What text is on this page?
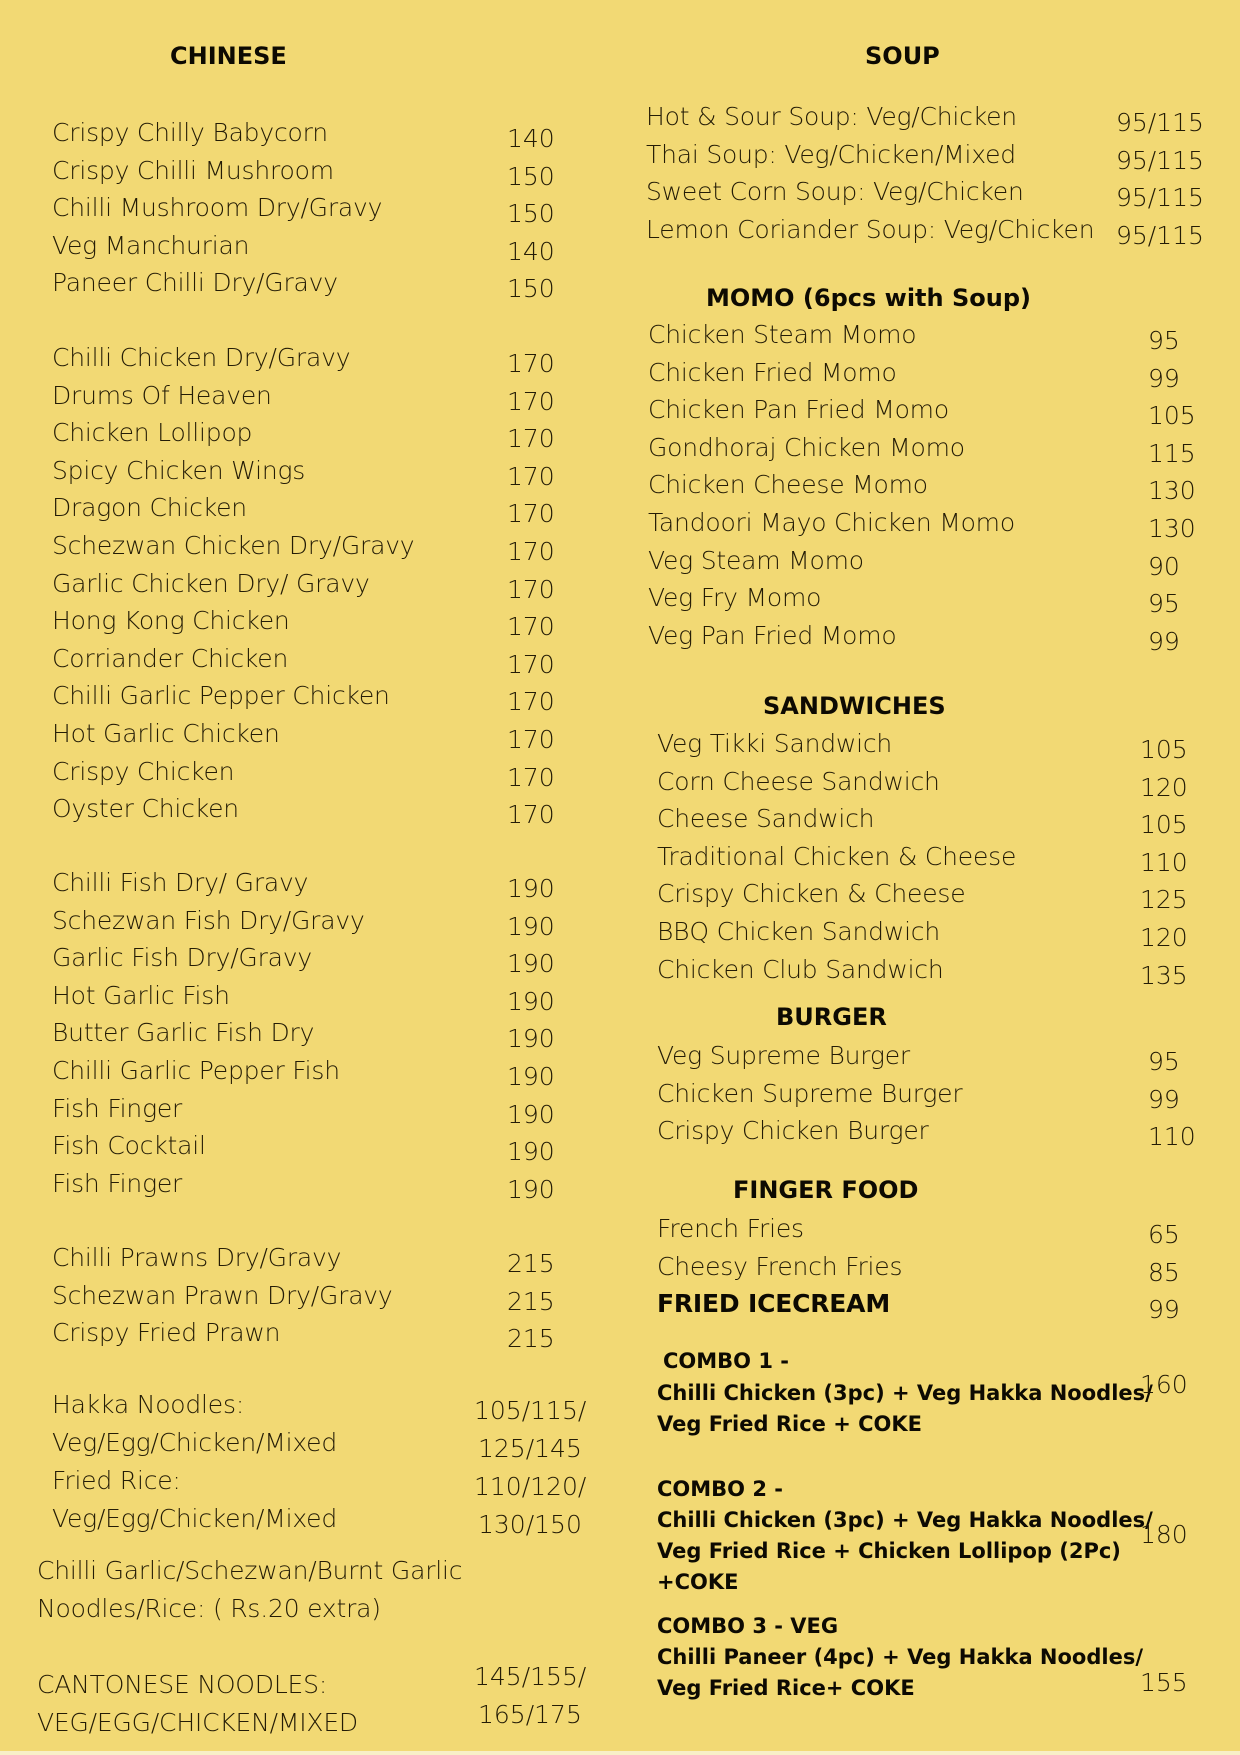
CHINESE
Crispy Chilly Babycorn	140
Crispy Chilli Mushroom	150
Chilli Mushroom Dry/Gravy	150
Veg Manchurian	140
Paneer Chilli Dry/Gravy	150
Chilli Chicken Dry/Gravy	170
Drums Of Heaven	170
Chicken Lollipop	170
Spicy Chicken Wings	170
Dragon Chicken	170
Schezwan Chicken Dry/Gravy	170
Garlic Chicken Dry/ Gravy	170
Hong Kong Chicken	170
Corriander Chicken	170
Chilli Garlic Pepper Chicken	170
Hot Garlic Chicken	170
Crispy Chicken	170
Oyster Chicken	170
Chilli Fish Dry/ Gravy	190
Schezwan Fish Dry/Gravy	190
Garlic Fish Dry/Gravy	190
Hot Garlic Fish	190
Butter Garlic Fish Dry	190
Chilli Garlic Pepper Fish	190
Fish Finger	190
Fish Cocktail	190
Fish Finger	190
Chilli Prawns Dry/Gravy	215
Schezwan Prawn Dry/Gravy	215
Crispy Fried Prawn	215
Hakka Noodles:	105/115/
Veg/Egg/Chicken/Mixed	125/145
Fried Rice:	110/120/
Veg/Egg/Chicken/Mixed	130/150
Chilli Garlic/Schezwan/Burnt Garlic
Noodles/Rice: ( Rs.20 extra)
CANTONESE NOODLES:	145/155/
VEG/EGG/CHICKEN/MIXED	165/175
SOUP
MOMO (6pcs with Soup)
SANDWICHES
BURGER
FINGER FOOD
Hot & Sour Soup: Veg/Chicken	95/115
Thai Soup: Veg/Chicken/Mixed	95/115
Sweet Corn Soup: Veg/Chicken	95/115
Lemon Coriander Soup: Veg/Chicken 95/115
Chicken Steam Momo	95
Chicken Fried Momo	99
Chicken Pan Fried Momo	105
Gondhoraj Chicken Momo	115
Chicken Cheese Momo	130
Tandoori Mayo Chicken Momo	130
Veg Steam Momo	90
Veg Fry Momo	95
Veg Pan Fried Momo	99
Veg Tikki Sandwich	105
Corn Cheese Sandwich	120
Cheese Sandwich	105
Traditional Chicken & Cheese	110
Crispy Chicken & Cheese	125
BBQ Chicken Sandwich	120
Chicken Club Sandwich	135
Veg Supreme Burger	95
Chicken Supreme Burger	99
Crispy Chicken Burger	110
French Fries	65
Cheesy French Fries	85
FRIED ICECREAM	99
COMBO 1 -
Chilli Chicken (3pc) + Veg Hakka Noodles/
Veg Fried Rice + COKE
160
COMBO 2 -
Chilli Chicken (3pc) + Veg Hakka Noodles/
Veg Fried Rice + Chicken Lollipop (2Pc)
+COKE
180
COMBO 3 - VEG
Chilli Paneer (4pc) + Veg Hakka Noodles/
Veg Fried Rice+ COKE	155
